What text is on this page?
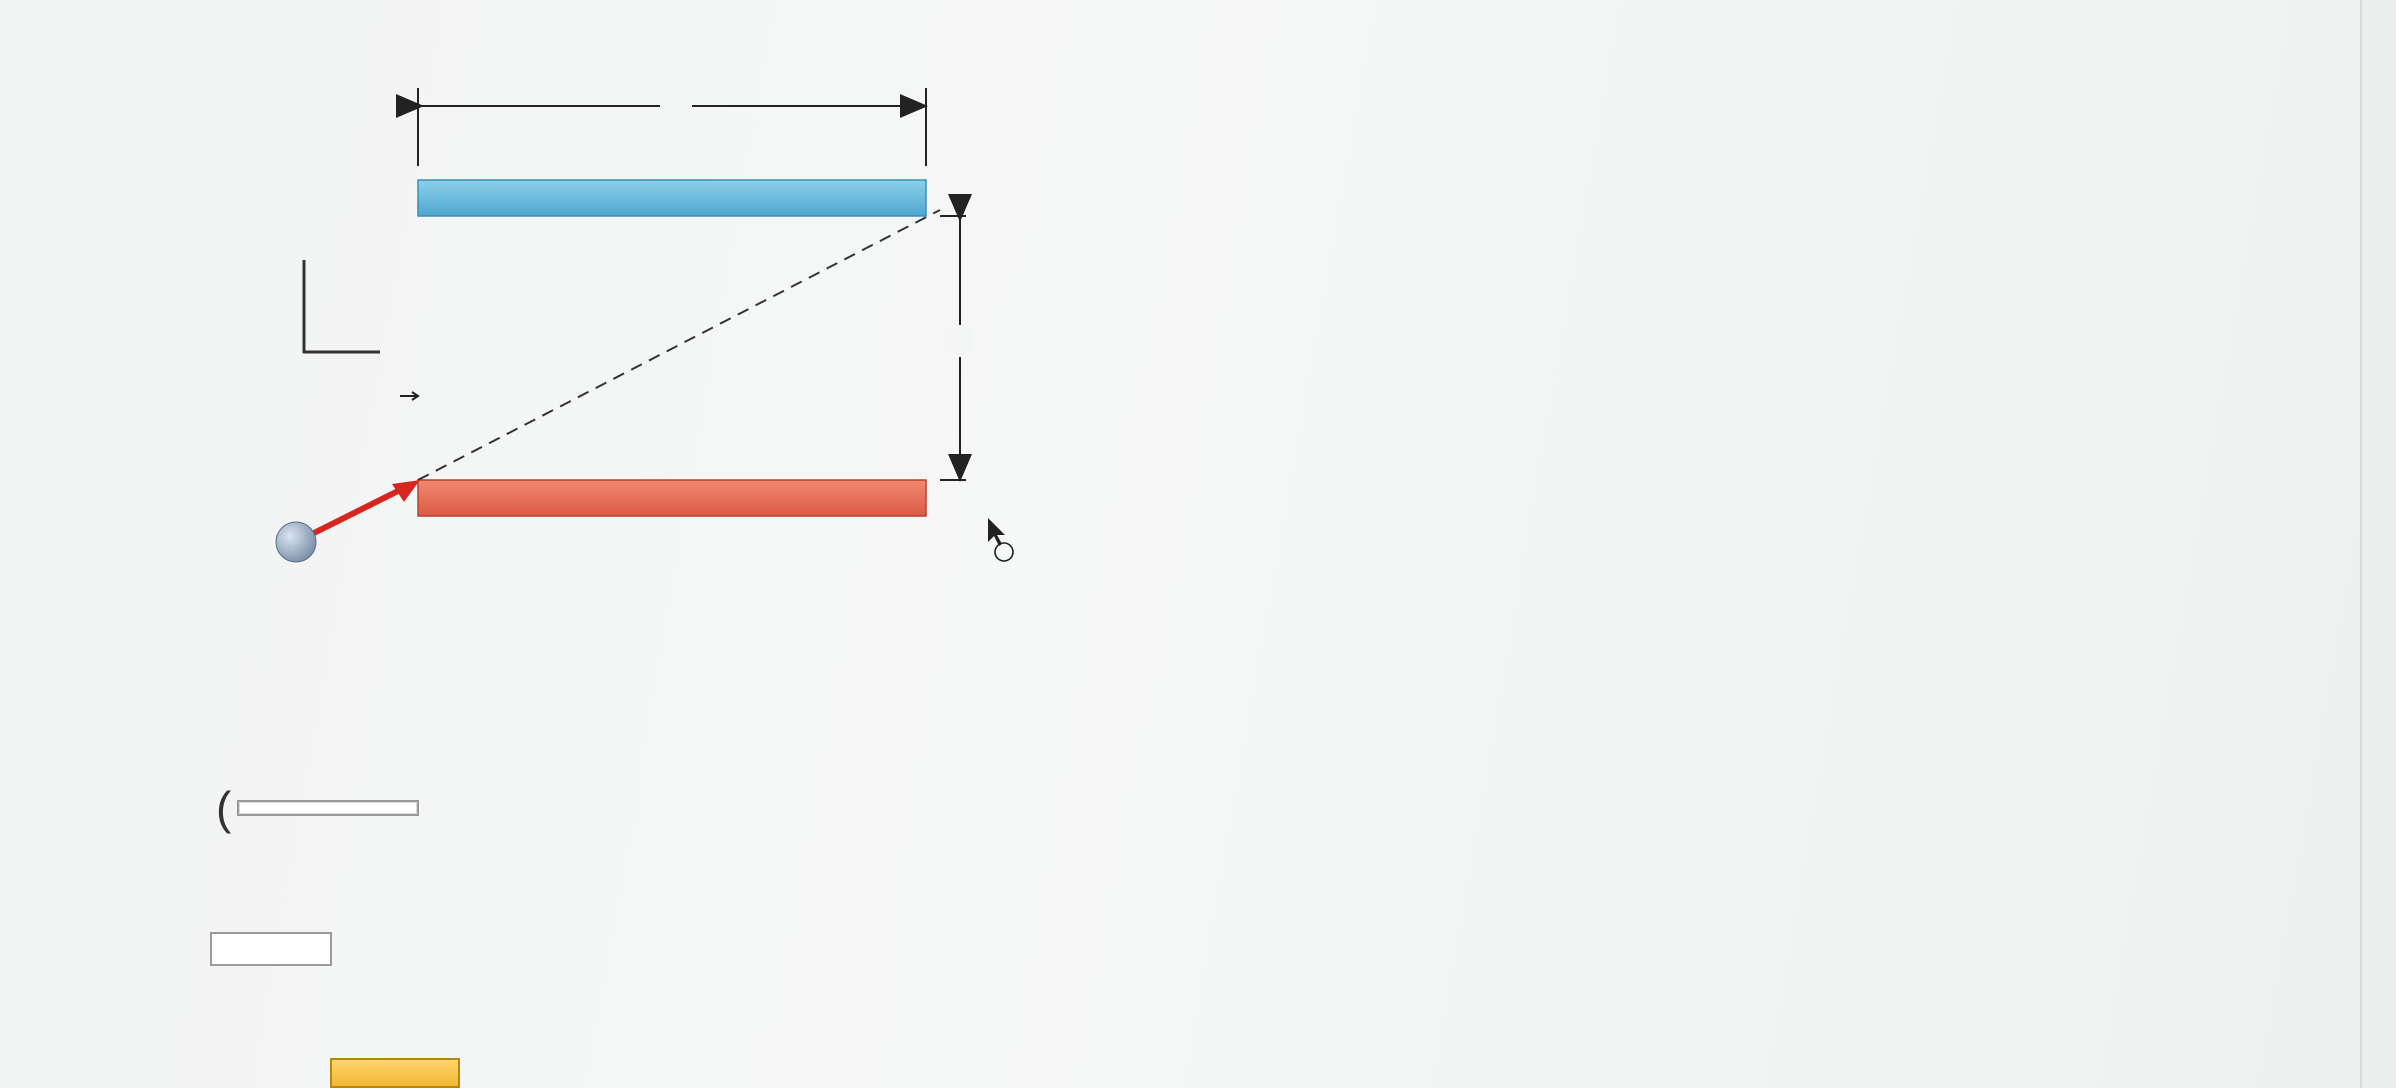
(
